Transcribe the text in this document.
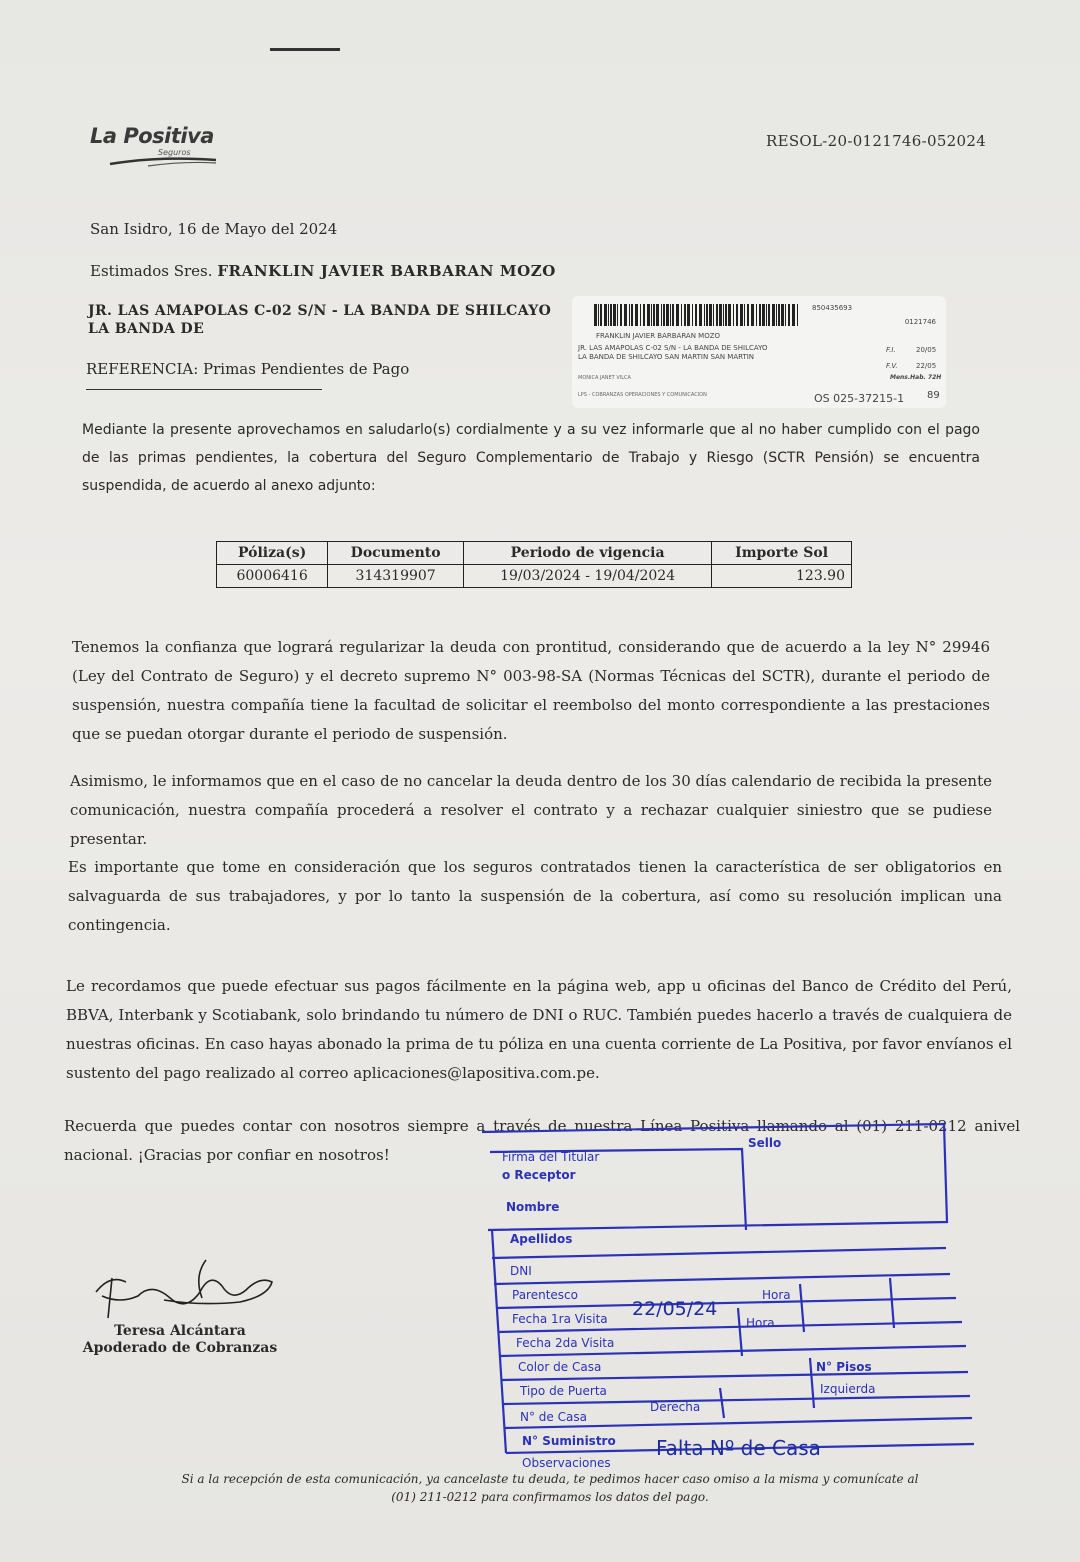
La Positiva
Seguros
RESOL-20-0121746-052024
San Isidro, 16 de Mayo del 2024
Estimados Sres. FRANKLIN JAVIER BARBARAN MOZO
JR. LAS AMAPOLAS C-02 S/N - LA BANDA DE SHILCAYO
LA BANDA DE
REFERENCIA: Primas Pendientes de Pago
850435693
0121746
FRANKLIN JAVIER BARBARAN MOZO
JR. LAS AMAPOLAS C-02 S/N - LA BANDA DE SHILCAYO
LA BANDA DE SHILCAYO SAN MARTIN SAN MARTIN
MONICA JANET VILCA
LPS - COBRANZAS OPERACIONES Y COMUNICACION
F.I.	20/05
F.V.	22/05
Mens.Hab. 72H
OS 025-37215-1 89
Mediante la presente aprovechamos en saludarlo(s) cordialmente y a su vez informarle que al no haber cumplido con el pago de las primas pendientes, la cobertura del Seguro Complementario de Trabajo y Riesgo (SCTR Pensión) se encuentra suspendida, de acuerdo al anexo adjunto:
Póliza(s)	Documento	Periodo de vigencia	Importe Sol
60006416	314319907	19/03/2024 - 19/04/2024	123.90
Tenemos la confianza que logrará regularizar la deuda con prontitud, considerando que de acuerdo a la ley N° 29946 (Ley del Contrato de Seguro) y el decreto supremo N° 003-98-SA (Normas Técnicas del SCTR), durante el periodo de suspensión, nuestra compañía tiene la facultad de solicitar el reembolso del monto correspondiente a las prestaciones que se puedan otorgar durante el periodo de suspensión.
Asimismo, le informamos que en el caso de no cancelar la deuda dentro de los 30 días calendario de recibida la presente comunicación, nuestra compañía procederá a resolver el contrato y a rechazar cualquier siniestro que se pudiese presentar.
Es importante que tome en consideración que los seguros contratados tienen la característica de ser obligatorios en salvaguarda de sus trabajadores, y por lo tanto la suspensión de la cobertura, así como su resolución implican una contingencia.
Le recordamos que puede efectuar sus pagos fácilmente en la página web, app u oficinas del Banco de Crédito del Perú, BBVA, Interbank y Scotiabank, solo brindando tu número de DNI o RUC. También puedes hacerlo a través de cualquiera de nuestras oficinas. En caso hayas abonado la prima de tu póliza en una cuenta corriente de La Positiva, por favor envíanos el sustento del pago realizado al correo aplicaciones@lapositiva.com.pe.
Recuerda que puedes contar con nosotros siempre a través de nuestra Línea Positiva llamando al (01) 211-0212 anivel nacional. ¡Gracias por confiar en nosotros!
Teresa Alcántara
Apoderado de Cobranzas
Sello
Firma del Titular
o Receptor
Nombre
Apellidos
DNI
Parentesco
Fecha 1ra Visita 22/05/24
Hora
Fecha 2da Visita
Hora
Color de Casa	N° Pisos
Tipo de Puerta	Izquierda
Derecha
N° de Casa
N° Suministro
Observaciones
Falta Nº de Casa
Si a la recepción de esta comunicación, ya cancelaste tu deuda, te pedimos hacer caso omiso a la misma y comunícate al
(01) 211-0212 para confirmamos los datos del pago.
